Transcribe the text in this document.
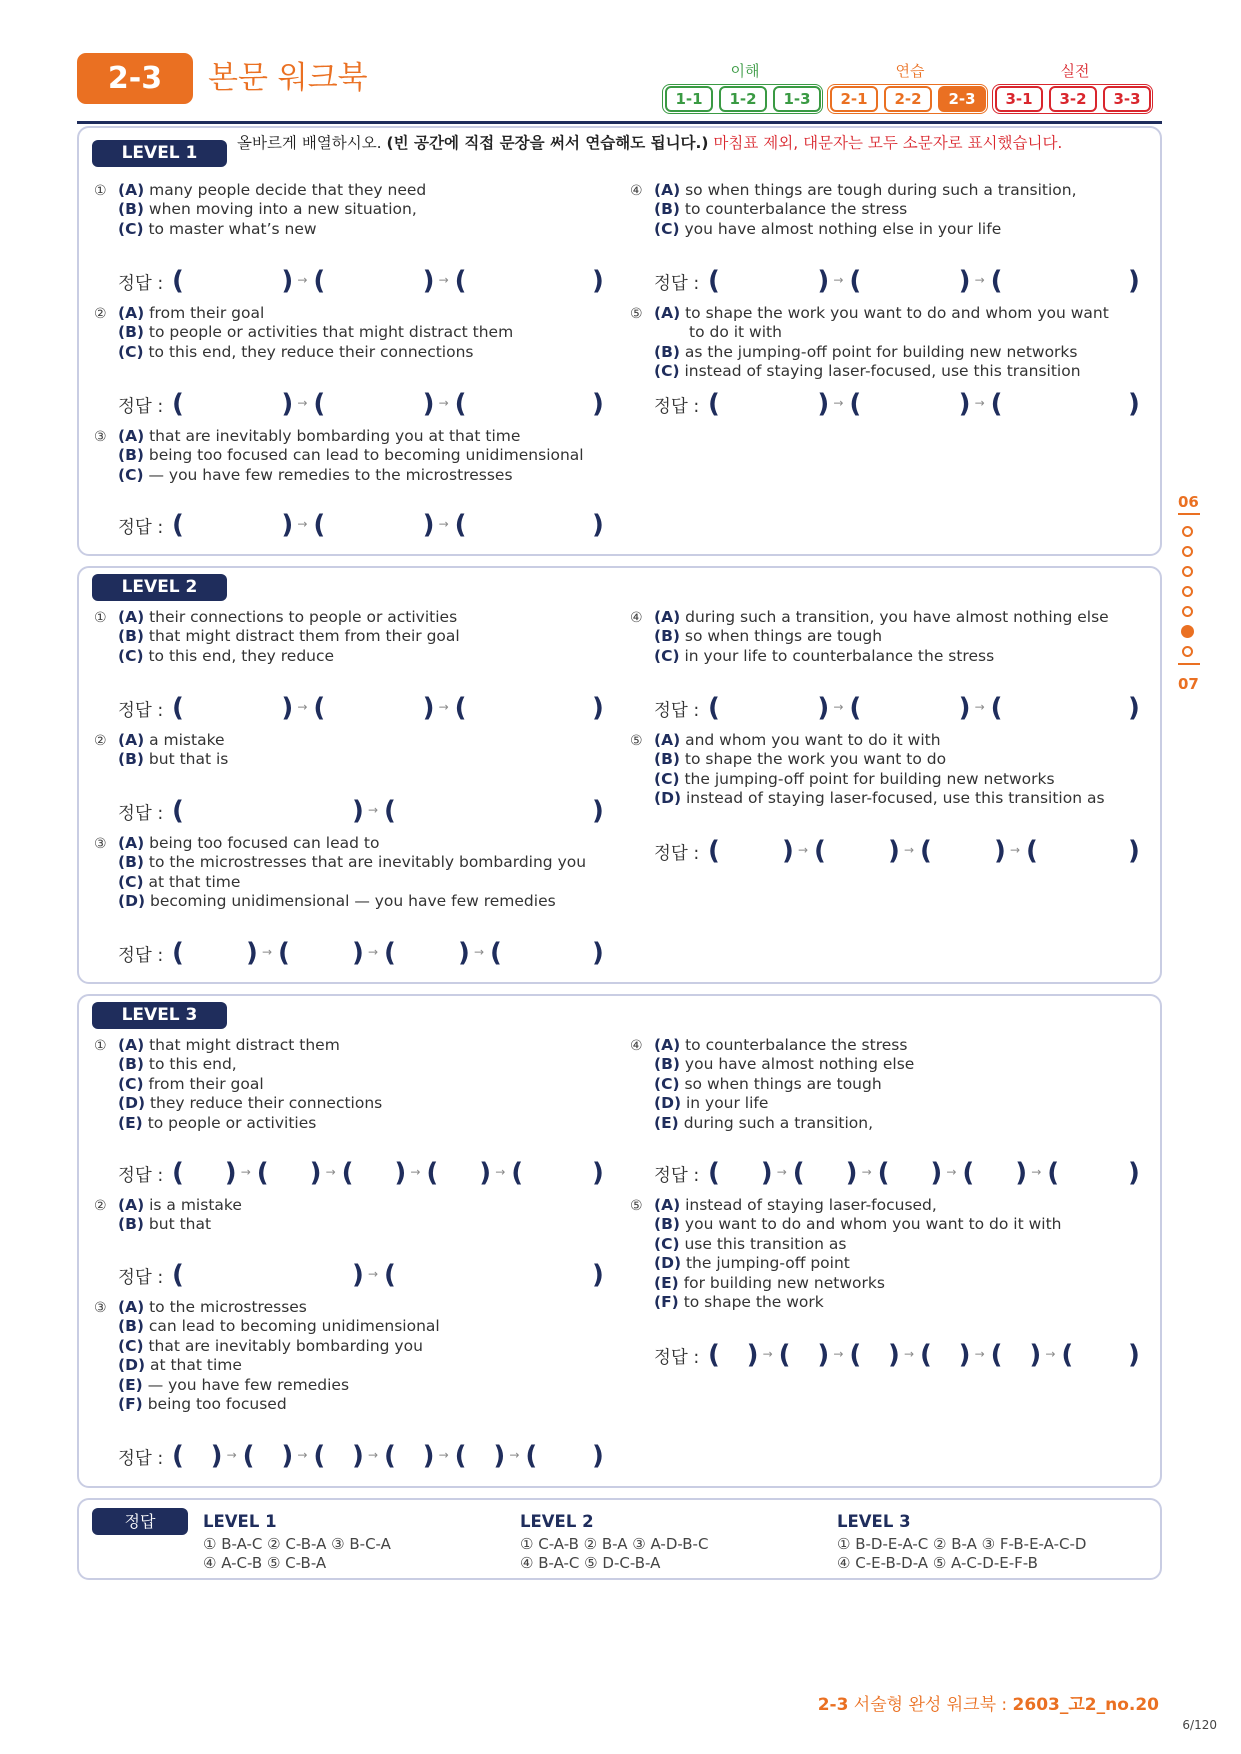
2-3	본문 워크북	이해	연습	실전
1-1	1-2	1-3	2-1	2-2	2-3	3-1	3-2	3-3
LEVEL 1	올바르게 배열하시오. (빈 공간에 직접 문장을 써서 연습해도 됩니다.) 마침표 제외, 대문자는 모두 소문자로 표시했습니다.
① (A) many people decide that they need
(B) when moving into a new situation,
(C) to master what’s new
② (A) from their goal
(B) to people or activities that might distract them
(C) to this end, they reduce their connections
③ (A) that are inevitably bombarding you at that time
(B) being too focused can lead to becoming unidimensional
(C) — you have few remedies to the microstresses
④ (A) so when things are tough during such a transition,
(B) to counterbalance the stress
(C) you have almost nothing else in your life
⑤ (A) to shape the work you want to do and whom you want
to do it with
(B) as the jumping-off point for building new networks
(C) instead of staying laser-focused, use this transition
정답 : (	) → (	) → (	)
정답 : (	) → (	) → (	)
정답 : (	) → (	) → (	)
정답 : (	) → (	) → (	)
정답 : (	) → (	) → (	)
LEVEL 2
① (A) their connections to people or activities
(B) that might distract them from their goal
(C) to this end, they reduce
② (A) a mistake
(B) but that is
③ (A) being too focused can lead to
(B) to the microstresses that are inevitably bombarding you
(C) at that time
(D) becoming unidimensional — you have few remedies
④ (A) during such a transition, you have almost nothing else
(B) so when things are tough
(C) in your life to counterbalance the stress
⑤ (A) and whom you want to do it with
(B) to shape the work you want to do
(C) the jumping-off point for building new networks
(D) instead of staying laser-focused, use this transition as
정답 : (	) → (	) → (	)
정답 : (	) → (	)
정답 : ( ) → ( ) → ( ) → (	)
정답 : (	) → (	) → (	)
정답 : ( ) → ( ) → ( ) → (	)
LEVEL 3
① (A) that might distract them
(B) to this end,
(C) from their goal
(D) they reduce their connections
(E) to people or activities
② (A) is a mistake
(B) but that
③ (A) to the microstresses
(B) can lead to becoming unidimensional
(C) that are inevitably bombarding you
(D) at that time
(E) — you have few remedies
(F) being too focused
④ (A) to counterbalance the stress
(B) you have almost nothing else
(C) so when things are tough
(D) in your life
(E) during such a transition,
⑤ (A) instead of staying laser-focused,
(B) you want to do and whom you want to do it with
(C) use this transition as
(D) the jumping-off point
(E) for building new networks
(F) to shape the work
정답 : ( ) → ( ) → ( ) → ( ) → (	)
정답 : (	) → (	)
정답 : ( ) → ( ) → ( ) → ( ) → ( ) → ( )
정답 : ( ) → ( ) → ( ) → ( ) → (	)
정답 : ( ) → ( ) → ( ) → ( ) → ( ) → ( )
06
07
정답	LEVEL 1
① B-A-C ② C-B-A ③ B-C-A
④ A-C-B ⑤ C-B-A
LEVEL 2
① C-A-B ② B-A ③ A-D-B-C
④ B-A-C ⑤ D-C-B-A
LEVEL 3
① B-D-E-A-C ② B-A ③ F-B-E-A-C-D
④ C-E-B-D-A ⑤ A-C-D-E-F-B
2-3 서술형 완성 워크북 : 2603_고2_no.20
6/120
